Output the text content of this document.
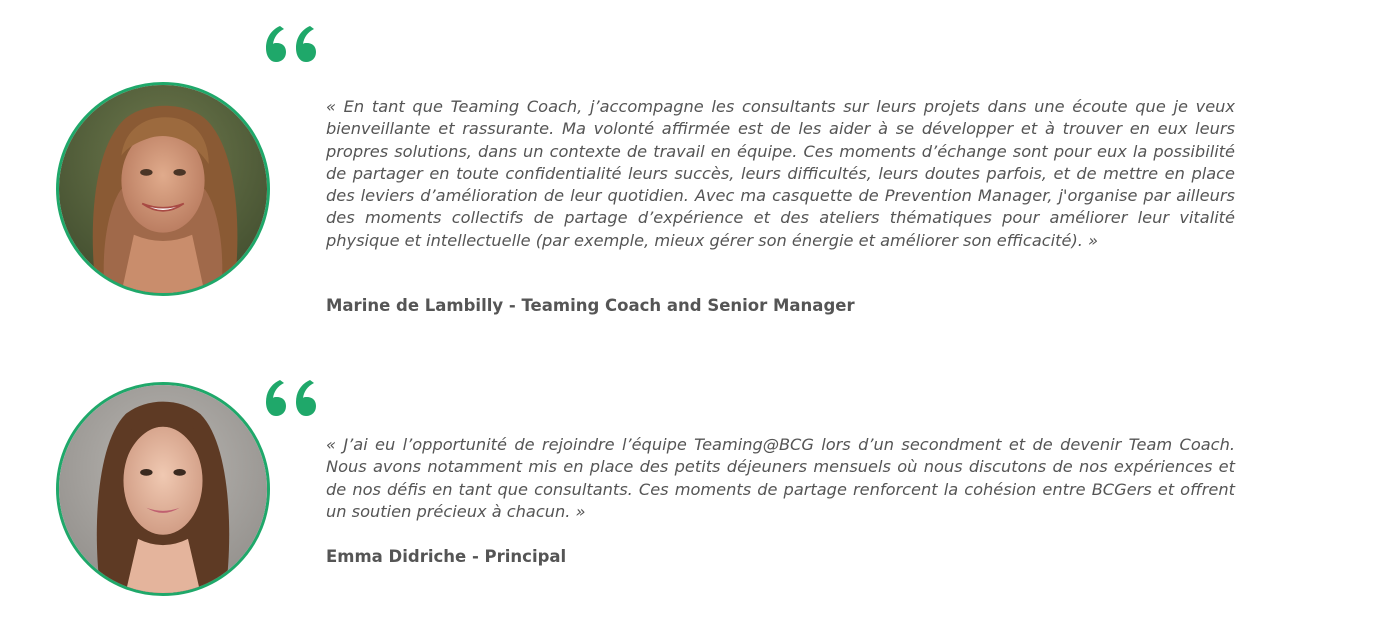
« En tant que Teaming Coach, j’accompagne les consultants sur leurs projets dans une écoute que je veux bienveillante et rassurante. Ma volonté affirmée est de les aider à se développer et à trouver en eux leurs propres solutions, dans un contexte de travail en équipe. Ces moments d’échange sont pour eux la possibilité de partager en toute confidentialité leurs succès, leurs difficultés, leurs doutes parfois, et de mettre en place des leviers d’amélioration de leur quotidien. Avec ma casquette de Prevention Manager, j'organise par ailleurs des moments collectifs de partage d’expérience et des ateliers thématiques pour améliorer leur vitalité physique et intellectuelle (par exemple, mieux gérer son énergie et améliorer son efficacité). »

Marine de Lambilly - Teaming Coach and Senior Manager

« J’ai eu l’opportunité de rejoindre l’équipe Teaming@BCG lors d’un secondment et de devenir Team Coach. Nous avons notamment mis en place des petits déjeuners mensuels où nous discutons de nos expériences et de nos défis en tant que consultants. Ces moments de partage renforcent la cohésion entre BCGers et offrent un soutien précieux à chacun. »

Emma Didriche - Principal
